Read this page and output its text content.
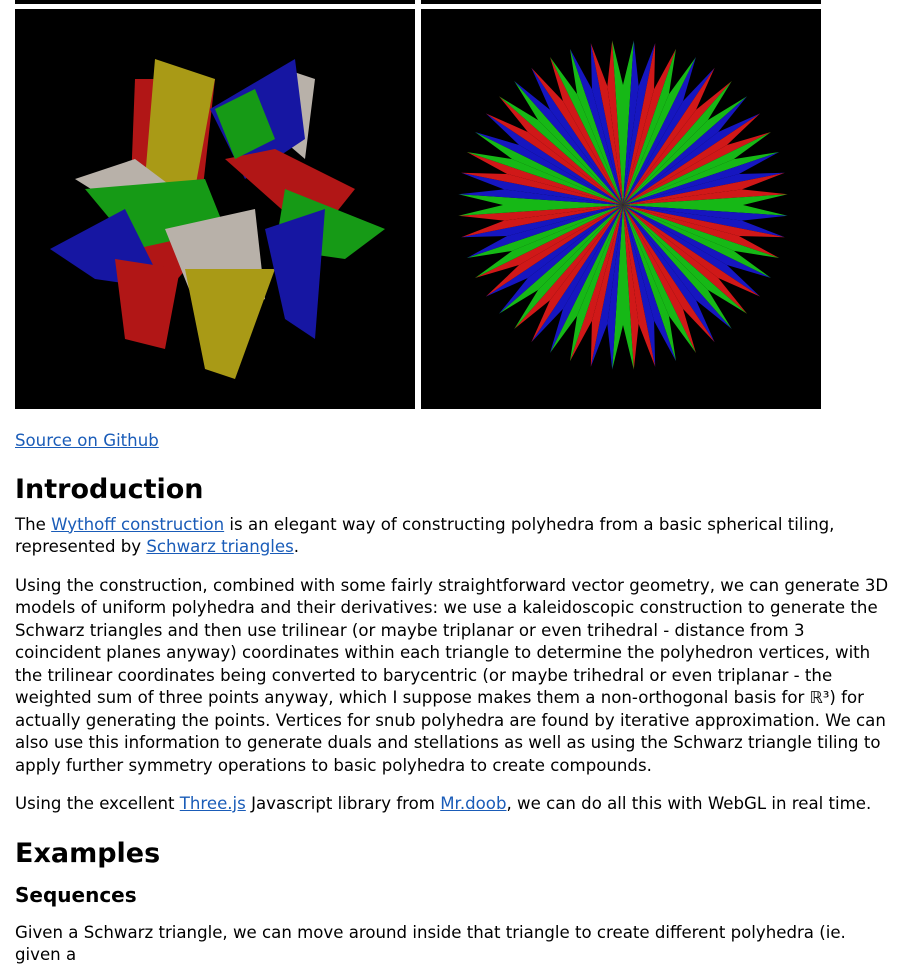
Source on Github

Introduction

The Wythoff construction is an elegant way of constructing polyhedra from a basic spherical tiling, represented by Schwarz triangles.

Using the construction, combined with some fairly straightforward vector geometry, we can generate 3D models of uniform polyhedra and their derivatives: we use a kaleidoscopic construction to generate the Schwarz triangles and then use trilinear (or maybe triplanar or even trihedral - distance from 3 coincident planes anyway) coordinates within each triangle to determine the polyhedron vertices, with the trilinear coordinates being converted to barycentric (or maybe trihedral or even triplanar - the weighted sum of three points anyway, which I suppose makes them a non-orthogonal basis for ℝ³) for actually generating the points. Vertices for snub polyhedra are found by iterative approximation. We can also use this information to generate duals and stellations as well as using the Schwarz triangle tiling to apply further symmetry operations to basic polyhedra to create compounds.

Using the excellent Three.js Javascript library from Mr.doob, we can do all this with WebGL in real time.

Examples
Sequences

Given a Schwarz triangle, we can move around inside that triangle to create different polyhedra (ie. given a
